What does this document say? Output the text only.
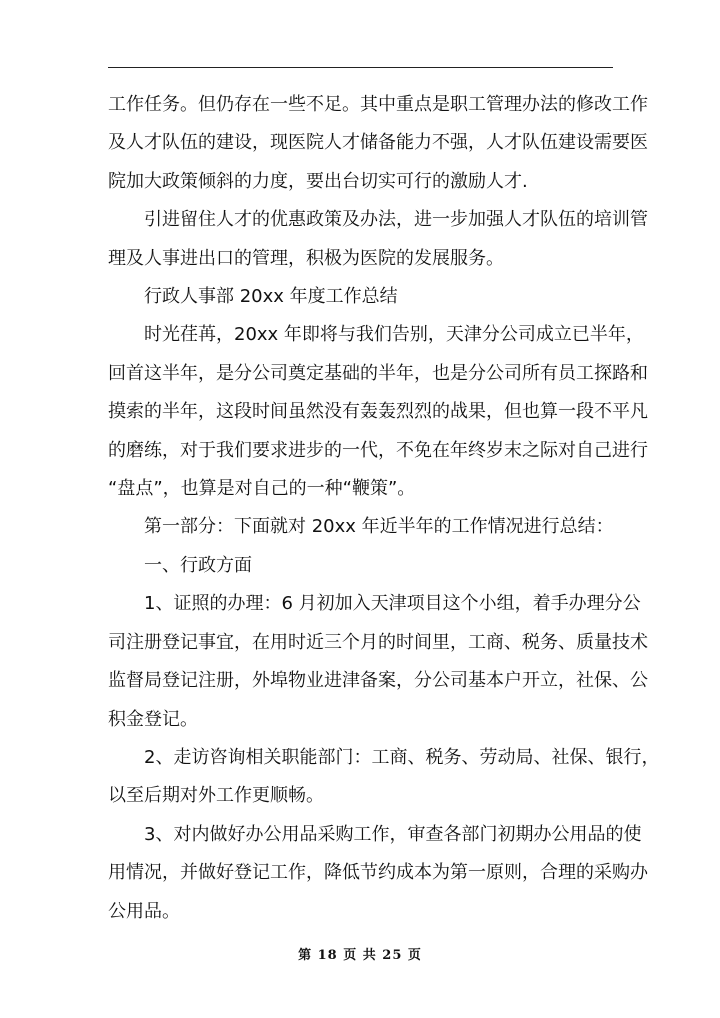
工作任务。但仍存在一些不足。其中重点是职工管理办法的修改工作
及人才队伍的建设，现医院人才储备能力不强，人才队伍建设需要医
院加大政策倾斜的力度，要出台切实可行的激励人才.

引进留住人才的优惠政策及办法，进一步加强人才队伍的培训管
理及人事进出口的管理，积极为医院的发展服务。

行政人事部 20xx 年度工作总结

时光荏苒，20xx 年即将与我们告别，天津分公司成立已半年，
回首这半年，是分公司奠定基础的半年，也是分公司所有员工探路和
摸索的半年，这段时间虽然没有轰轰烈烈的战果，但也算一段不平凡
的磨练，对于我们要求进步的一代，不免在年终岁末之际对自己进行
“盘点”，也算是对自己的一种“鞭策”。

第一部分：下面就对 20xx 年近半年的工作情况进行总结：

一、行政方面

1、证照的办理：6 月初加入天津项目这个小组，着手办理分公
司注册登记事宜，在用时近三个月的时间里，工商、税务、质量技术
监督局登记注册，外埠物业进津备案，分公司基本户开立，社保、公
积金登记。

2、走访咨询相关职能部门：工商、税务、劳动局、社保、银行，
以至后期对外工作更顺畅。

3、对内做好办公用品采购工作，审查各部门初期办公用品的使
用情况，并做好登记工作，降低节约成本为第一原则，合理的采购办
公用品。

第 18 页 共 25 页
